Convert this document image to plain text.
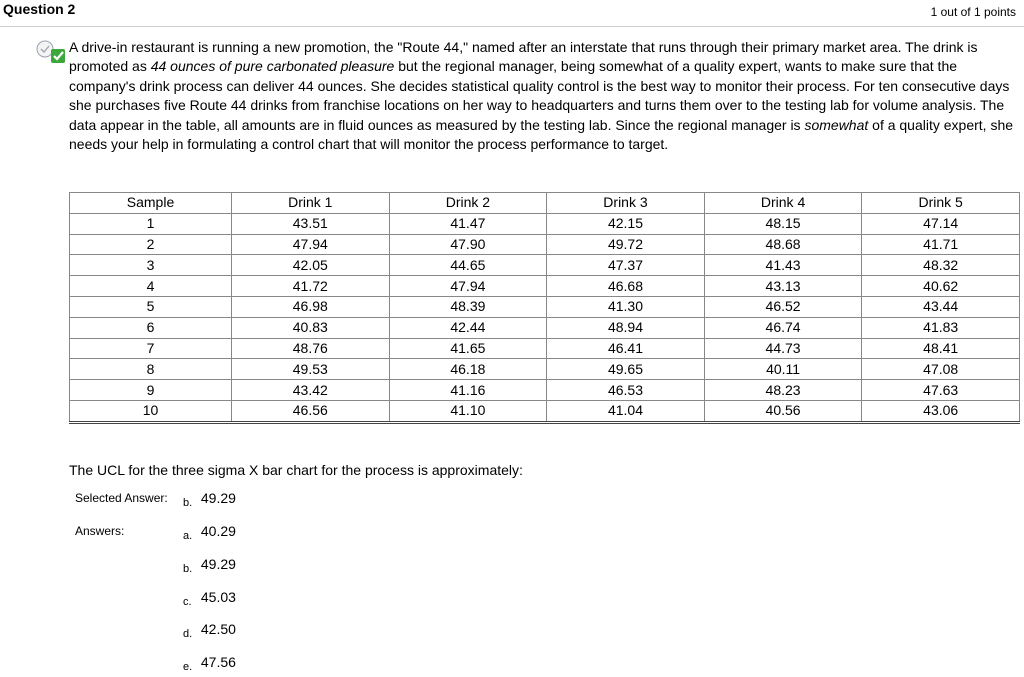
Question 2	1 out of 1 points

A drive-in restaurant is running a new promotion, the "Route 44," named after an interstate that runs through their primary market area. The drink is promoted as 44 ounces of pure carbonated pleasure but the regional manager, being somewhat of a quality expert, wants to make sure that the company's drink process can deliver 44 ounces. She decides statistical quality control is the best way to monitor their process. For ten consecutive days she purchases five Route 44 drinks from franchise locations on her way to headquarters and turns them over to the testing lab for volume analysis. The data appear in the table, all amounts are in fluid ounces as measured by the testing lab. Since the regional manager is somewhat of a quality expert, she needs your help in formulating a control chart that will monitor the process performance to target.

Sample	Drink 1	Drink 2	Drink 3	Drink 4	Drink 5
1	43.51	41.47	42.15	48.15	47.14
2	47.94	47.90	49.72	48.68	41.71
3	42.05	44.65	47.37	41.43	48.32
4	41.72	47.94	46.68	43.13	40.62
5	46.98	48.39	41.30	46.52	43.44
6	40.83	42.44	48.94	46.74	41.83
7	48.76	41.65	46.41	44.73	48.41
8	49.53	46.18	49.65	40.11	47.08
9	43.42	41.16	46.53	48.23	47.63
10	46.56	41.10	41.04	40.56	43.06
The UCL for the three sigma X bar chart for the process is approximately:
Selected Answer: b. 49.29
Answers:	a. 40.29
b. 49.29
c. 45.03
d. 42.50
e. 47.56
